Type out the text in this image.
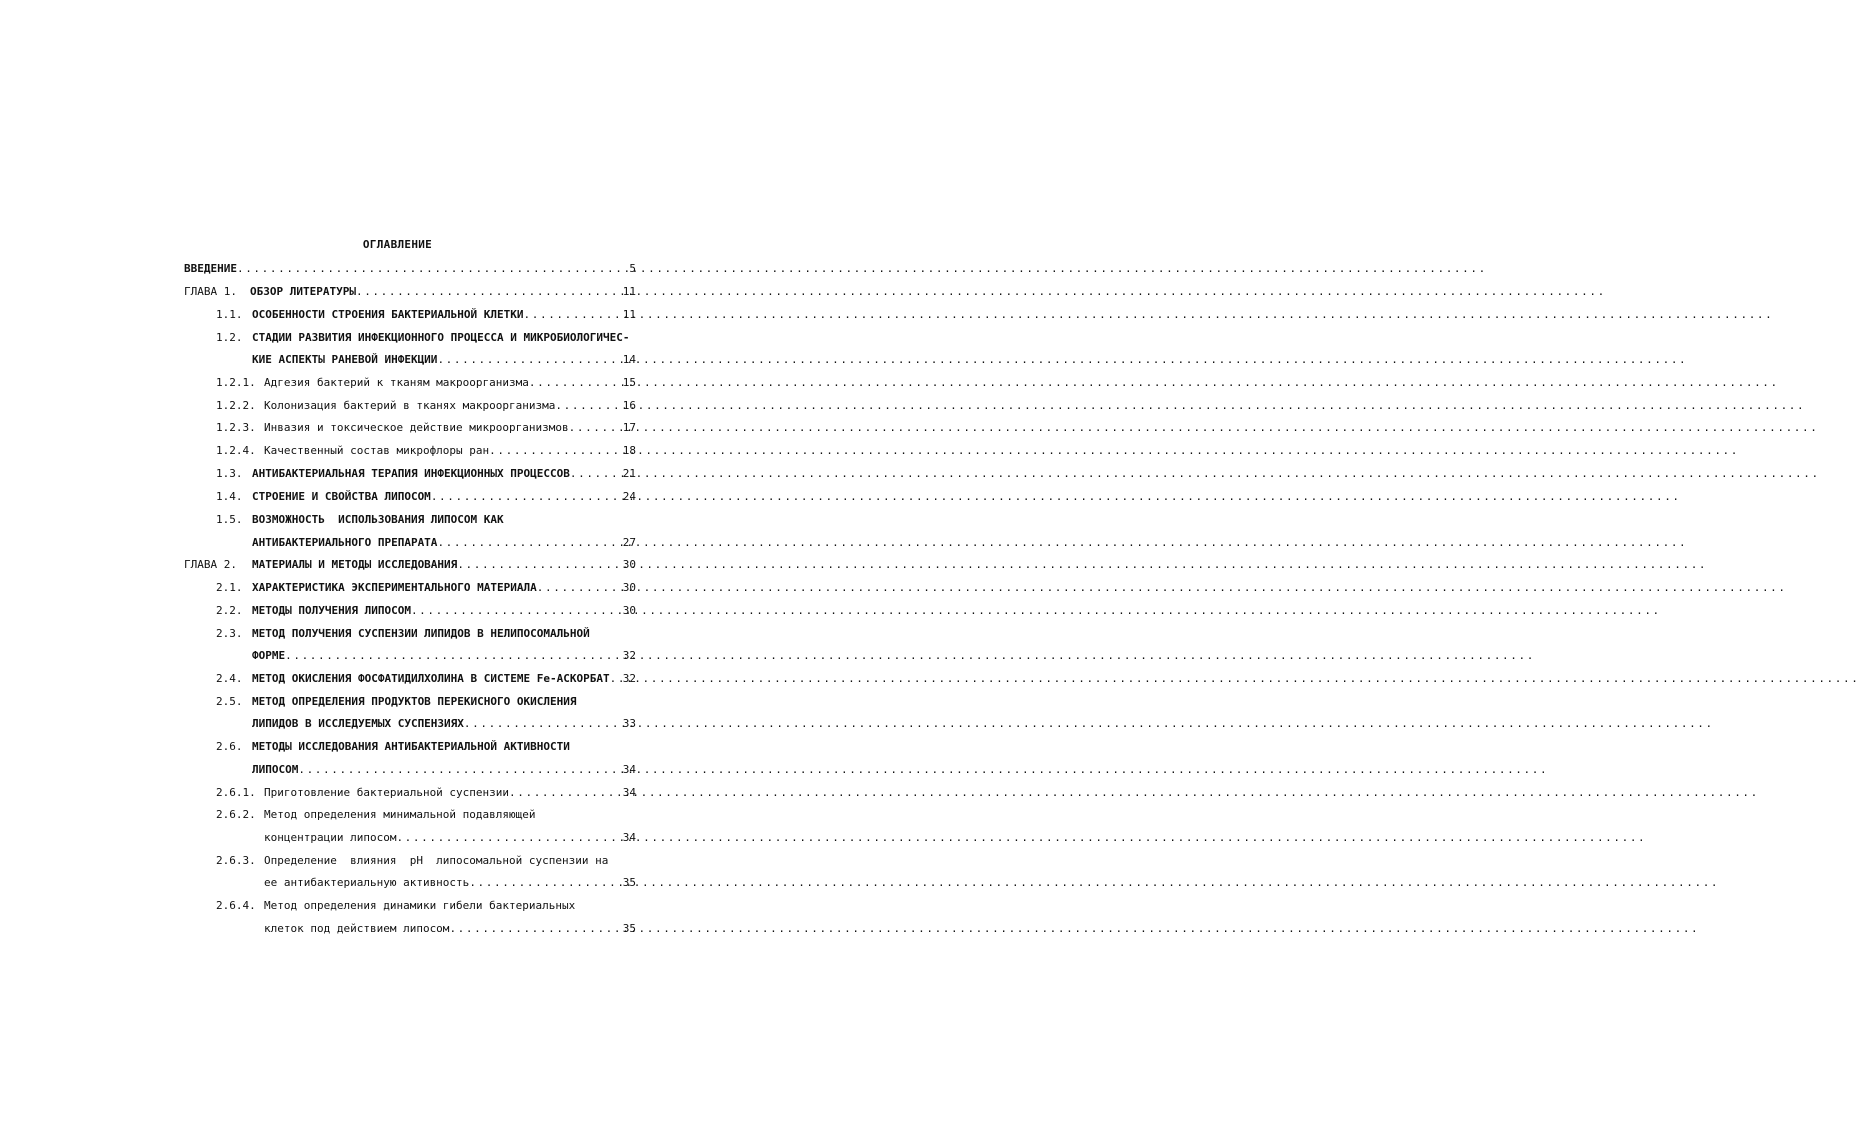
ОГЛАВЛЕНИЕ
ВВЕДЕНИЕ .....	5
ГЛАВА 1.	ОБЗОР ЛИТЕРАТУРЫ .....	11
1.1. ОСОБЕННОСТИ СТРОЕНИЯ БАКТЕРИАЛЬНОЙ КЛЕТКИ .....	11
1.2. СТАДИИ РАЗВИТИЯ ИНФЕКЦИОННОГО ПРОЦЕССА И МИКРОБИОЛОГИЧЕС-
КИЕ АСПЕКТЫ РАНЕВОЙ ИНФЕКЦИИ .....	14
1.2.1. Адгезия бактерий к тканям макроорганизма .....	15
1.2.2. Колонизация бактерий в тканях макроорганизма .....	16
1.2.3. Инвазия и токсическое действие микроорганизмов .....	17
1.2.4. Качественный состав микрофлоры ран .....	18
1.3. АНТИБАКТЕРИАЛЬНАЯ ТЕРАПИЯ ИНФЕКЦИОННЫХ ПРОЦЕССОВ .....	21
1.4. СТРОЕНИЕ И СВОЙСТВА ЛИПОСОМ .....	24
1.5. ВОЗМОЖНОСТЬ  ИСПОЛЬЗОВАНИЯ ЛИПОСОМ КАК
АНТИБАКТЕРИАЛЬНОГО ПРЕПАРАТА .....	27
ГЛАВА 2.	МАТЕРИАЛЫ И МЕТОДЫ ИССЛЕДОВАНИЯ .....	30
2.1. ХАРАКТЕРИСТИКА ЭКСПЕРИМЕНТАЛЬНОГО МАТЕРИАЛА .....	30
2.2. МЕТОДЫ ПОЛУЧЕНИЯ ЛИПОСОМ .....	30
2.3. МЕТОД ПОЛУЧЕНИЯ СУСПЕНЗИИ ЛИПИДОВ В НЕЛИПОСОМАЛЬНОЙ
ФОРМЕ .....	32
2.4. МЕТОД ОКИСЛЕНИЯ ФОСФАТИДИЛХОЛИНА В СИСТЕМЕ Fe-АСКОРБАТ ..... 32
2.5. МЕТОД ОПРЕДЕЛЕНИЯ ПРОДУКТОВ ПЕРЕКИСНОГО ОКИСЛЕНИЯ
ЛИПИДОВ В ИССЛЕДУЕМЫХ СУСПЕНЗИЯХ .....	33
2.6. МЕТОДЫ ИССЛЕДОВАНИЯ АНТИБАКТЕРИАЛЬНОЙ АКТИВНОСТИ
ЛИПОСОМ .....	34
2.6.1. Приготовление бактериальной суспензии .....	34
2.6.2. Метод определения минимальной подавляющей
концентрации липосом .....	34
2.6.3. Определение  влияния  pH  липосомальной суспензии на
ее антибактериальную активность .....	35
2.6.4. Метод определения динамики гибели бактериальных
клеток под действием липосом .....	35
